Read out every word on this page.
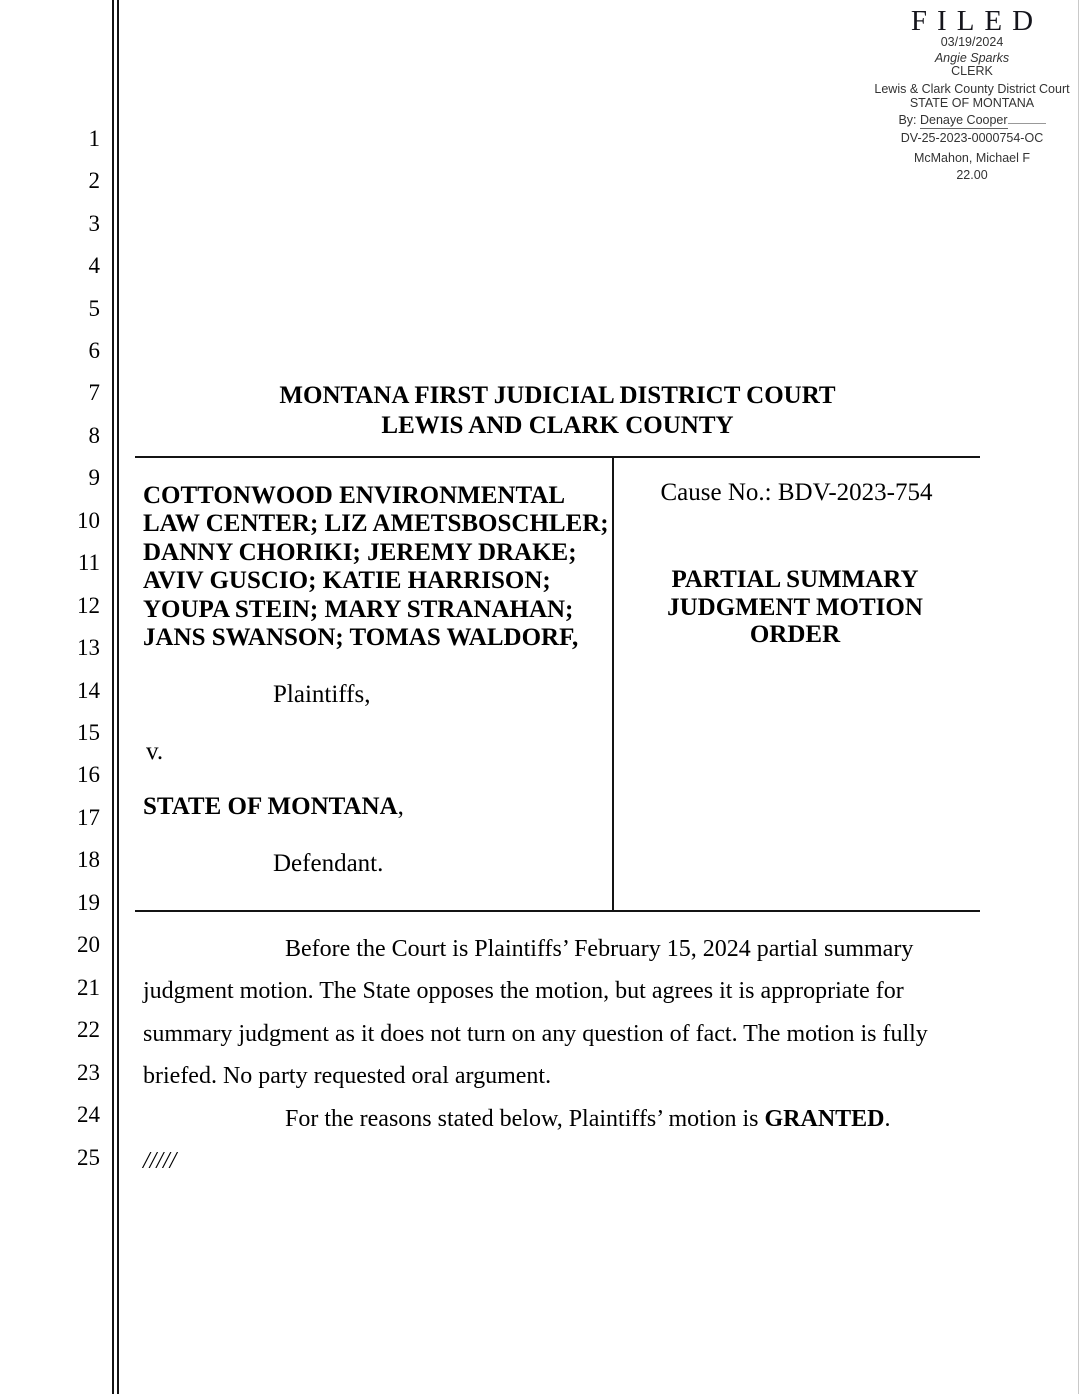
1
2
3
4
5
6
7
8
9
10
11
12
13
14
15
16
17
18
19
20
21
22
23
24
25
FILED
03/19/2024
Angie Sparks
CLERK
Lewis & Clark County District Court
STATE OF MONTANA
By: Denaye Cooper
DV-25-2023-0000754-OC
McMahon, Michael F
22.00
MONTANA FIRST JUDICIAL DISTRICT COURT
LEWIS AND CLARK COUNTY
COTTONWOOD ENVIRONMENTAL
LAW CENTER; LIZ AMETSBOSCHLER;
DANNY CHORIKI; JEREMY DRAKE;
AVIV GUSCIO; KATIE HARRISON;
YOUPA STEIN; MARY STRANAHAN;
JANS SWANSON; TOMAS WALDORF,
Plaintiffs,
v.
STATE OF MONTANA,
Defendant.
Cause No.: BDV-2023-754
PARTIAL SUMMARY JUDGMENT MOTION ORDER

Before the Court is Plaintiffs’ February 15, 2024 partial summary judgment motion. The State opposes the motion, but agrees it is appropriate for summary judgment as it does not turn on any question of fact. The motion is fully briefed. No party requested oral argument.

For the reasons stated below, Plaintiffs’ motion is GRANTED.

/////
